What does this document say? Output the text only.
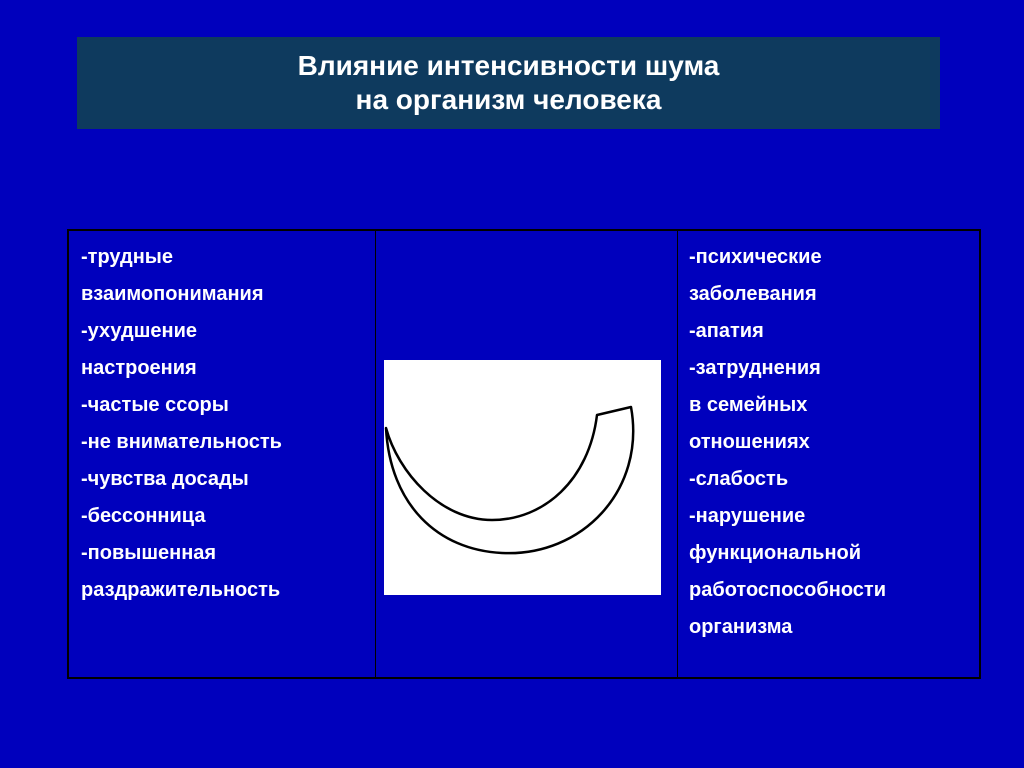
Влияние интенсивности шума
на организм человека
-трудные
взаимопонимания
-ухудшение
настроения
-частые ссоры
-не внимательность
-чувства досады
-бессонница
-повышенная
раздражительность
-психические
заболевания
-апатия
-затруднения
в семейных
отношениях
-слабость
-нарушение
функциональной
работоспособности
организма
